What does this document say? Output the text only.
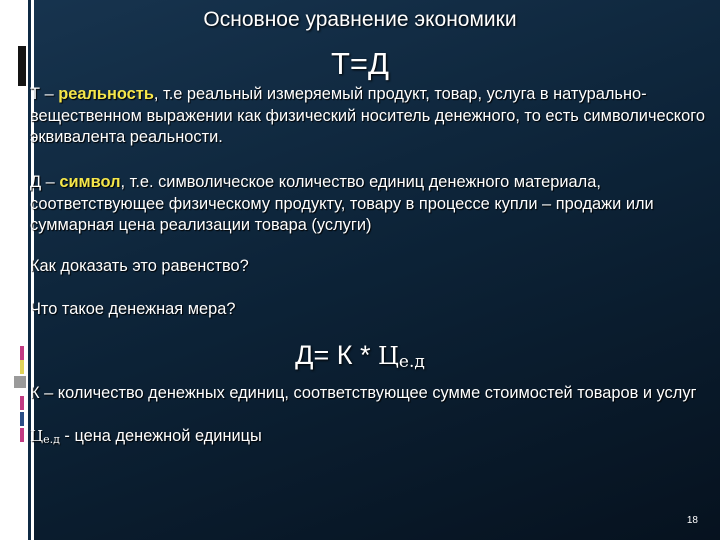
Основное уравнение экономики
Т=Д
Т – реальность, т.е реальный измеряемый продукт, товар, услуга в натурально-вещественном выражении как физический носитель денежного, то есть символического эквивалента реальности.
Д – символ, т.е. символическое количество единиц денежного материала, соответствующее физическому продукту, товару в процессе купли – продажи или суммарная цена реализации товара (услуги)
Как доказать это равенство?
Что такое денежная мера?
Д= К * Це.д
К – количество денежных единиц, соответствующее сумме стоимостей товаров и услуг
Це.д - цена денежной единицы
18
